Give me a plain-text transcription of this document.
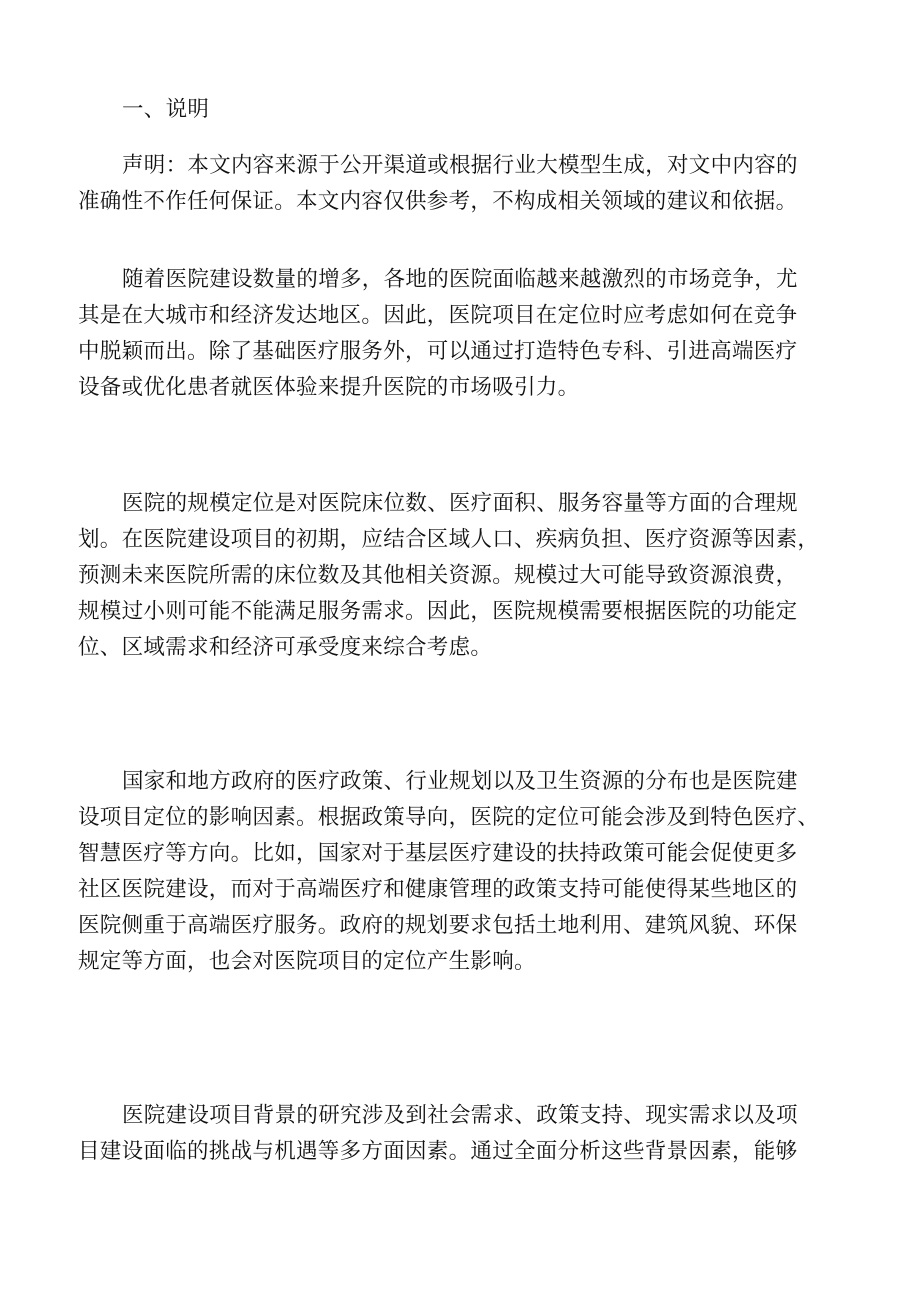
一、说明

声明：本文内容来源于公开渠道或根据行业大模型生成，对文中内容的
准确性不作任何保证。本文内容仅供参考，不构成相关领域的建议和依据。

随着医院建设数量的增多，各地的医院面临越来越激烈的市场竞争，尤
其是在大城市和经济发达地区。因此，医院项目在定位时应考虑如何在竞争
中脱颖而出。除了基础医疗服务外，可以通过打造特色专科、引进高端医疗
设备或优化患者就医体验来提升医院的市场吸引力。

医院的规模定位是对医院床位数、医疗面积、服务容量等方面的合理规
划。在医院建设项目的初期，应结合区域人口、疾病负担、医疗资源等因素，
预测未来医院所需的床位数及其他相关资源。规模过大可能导致资源浪费，
规模过小则可能不能满足服务需求。因此，医院规模需要根据医院的功能定
位、区域需求和经济可承受度来综合考虑。

国家和地方政府的医疗政策、行业规划以及卫生资源的分布也是医院建
设项目定位的影响因素。根据政策导向，医院的定位可能会涉及到特色医疗、
智慧医疗等方向。比如，国家对于基层医疗建设的扶持政策可能会促使更多
社区医院建设，而对于高端医疗和健康管理的政策支持可能使得某些地区的
医院侧重于高端医疗服务。政府的规划要求包括土地利用、建筑风貌、环保
规定等方面，也会对医院项目的定位产生影响。

医院建设项目背景的研究涉及到社会需求、政策支持、现实需求以及项
目建设面临的挑战与机遇等多方面因素。通过全面分析这些背景因素，能够
